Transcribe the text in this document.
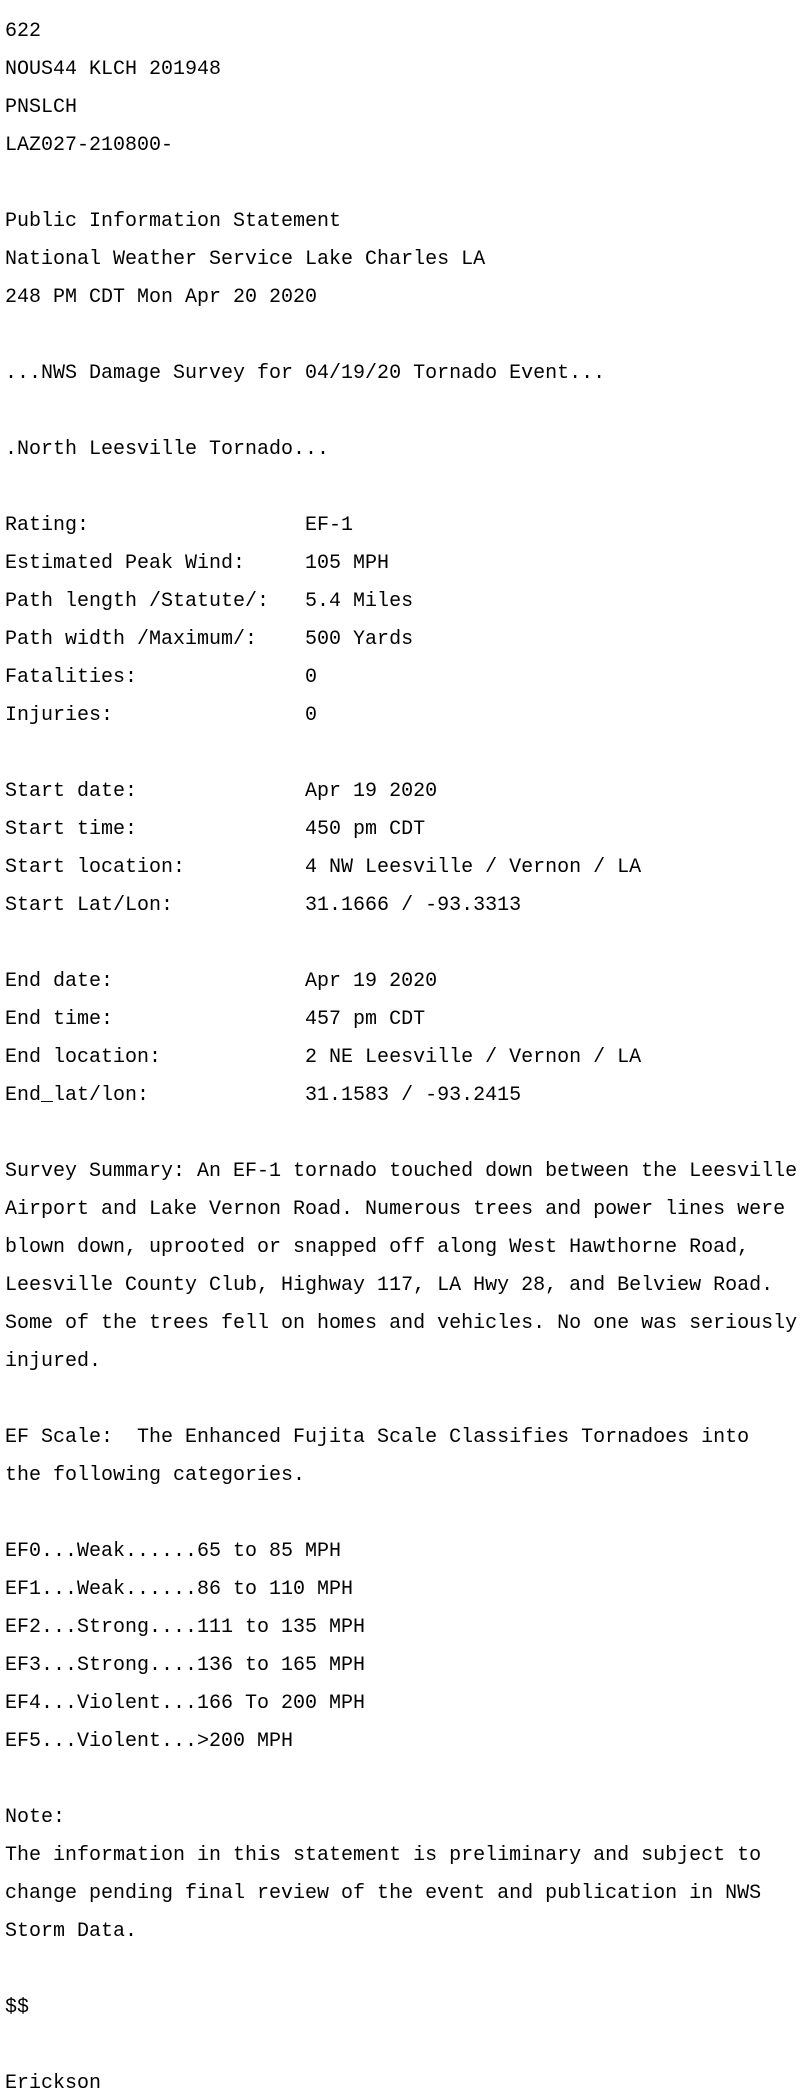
622

NOUS44 KLCH 201948

PNSLCH

LAZ027-210800-

Public Information Statement

National Weather Service Lake Charles LA

248 PM CDT Mon Apr 20 2020

...NWS Damage Survey for 04/19/20 Tornado Event...

.North Leesville Tornado...

Rating:                  EF-1

Estimated Peak Wind:     105 MPH

Path length /Statute/:   5.4 Miles

Path width /Maximum/:    500 Yards

Fatalities:              0

Injuries:                0

Start date:              Apr 19 2020

Start time:              450 pm CDT

Start location:          4 NW Leesville / Vernon / LA

Start Lat/Lon:           31.1666 / -93.3313

End date:                Apr 19 2020

End time:                457 pm CDT

End location:            2 NE Leesville / Vernon / LA

End_lat/lon:             31.1583 / -93.2415

Survey Summary: An EF-1 tornado touched down between the Leesville

Airport and Lake Vernon Road. Numerous trees and power lines were

blown down, uprooted or snapped off along West Hawthorne Road,

Leesville County Club, Highway 117, LA Hwy 28, and Belview Road.

Some of the trees fell on homes and vehicles. No one was seriously

injured.

EF Scale:  The Enhanced Fujita Scale Classifies Tornadoes into

the following categories.

EF0...Weak......65 to 85 MPH

EF1...Weak......86 to 110 MPH

EF2...Strong....111 to 135 MPH

EF3...Strong....136 to 165 MPH

EF4...Violent...166 To 200 MPH

EF5...Violent...>200 MPH

Note:

The information in this statement is preliminary and subject to

change pending final review of the event and publication in NWS

Storm Data.

$$

Erickson
